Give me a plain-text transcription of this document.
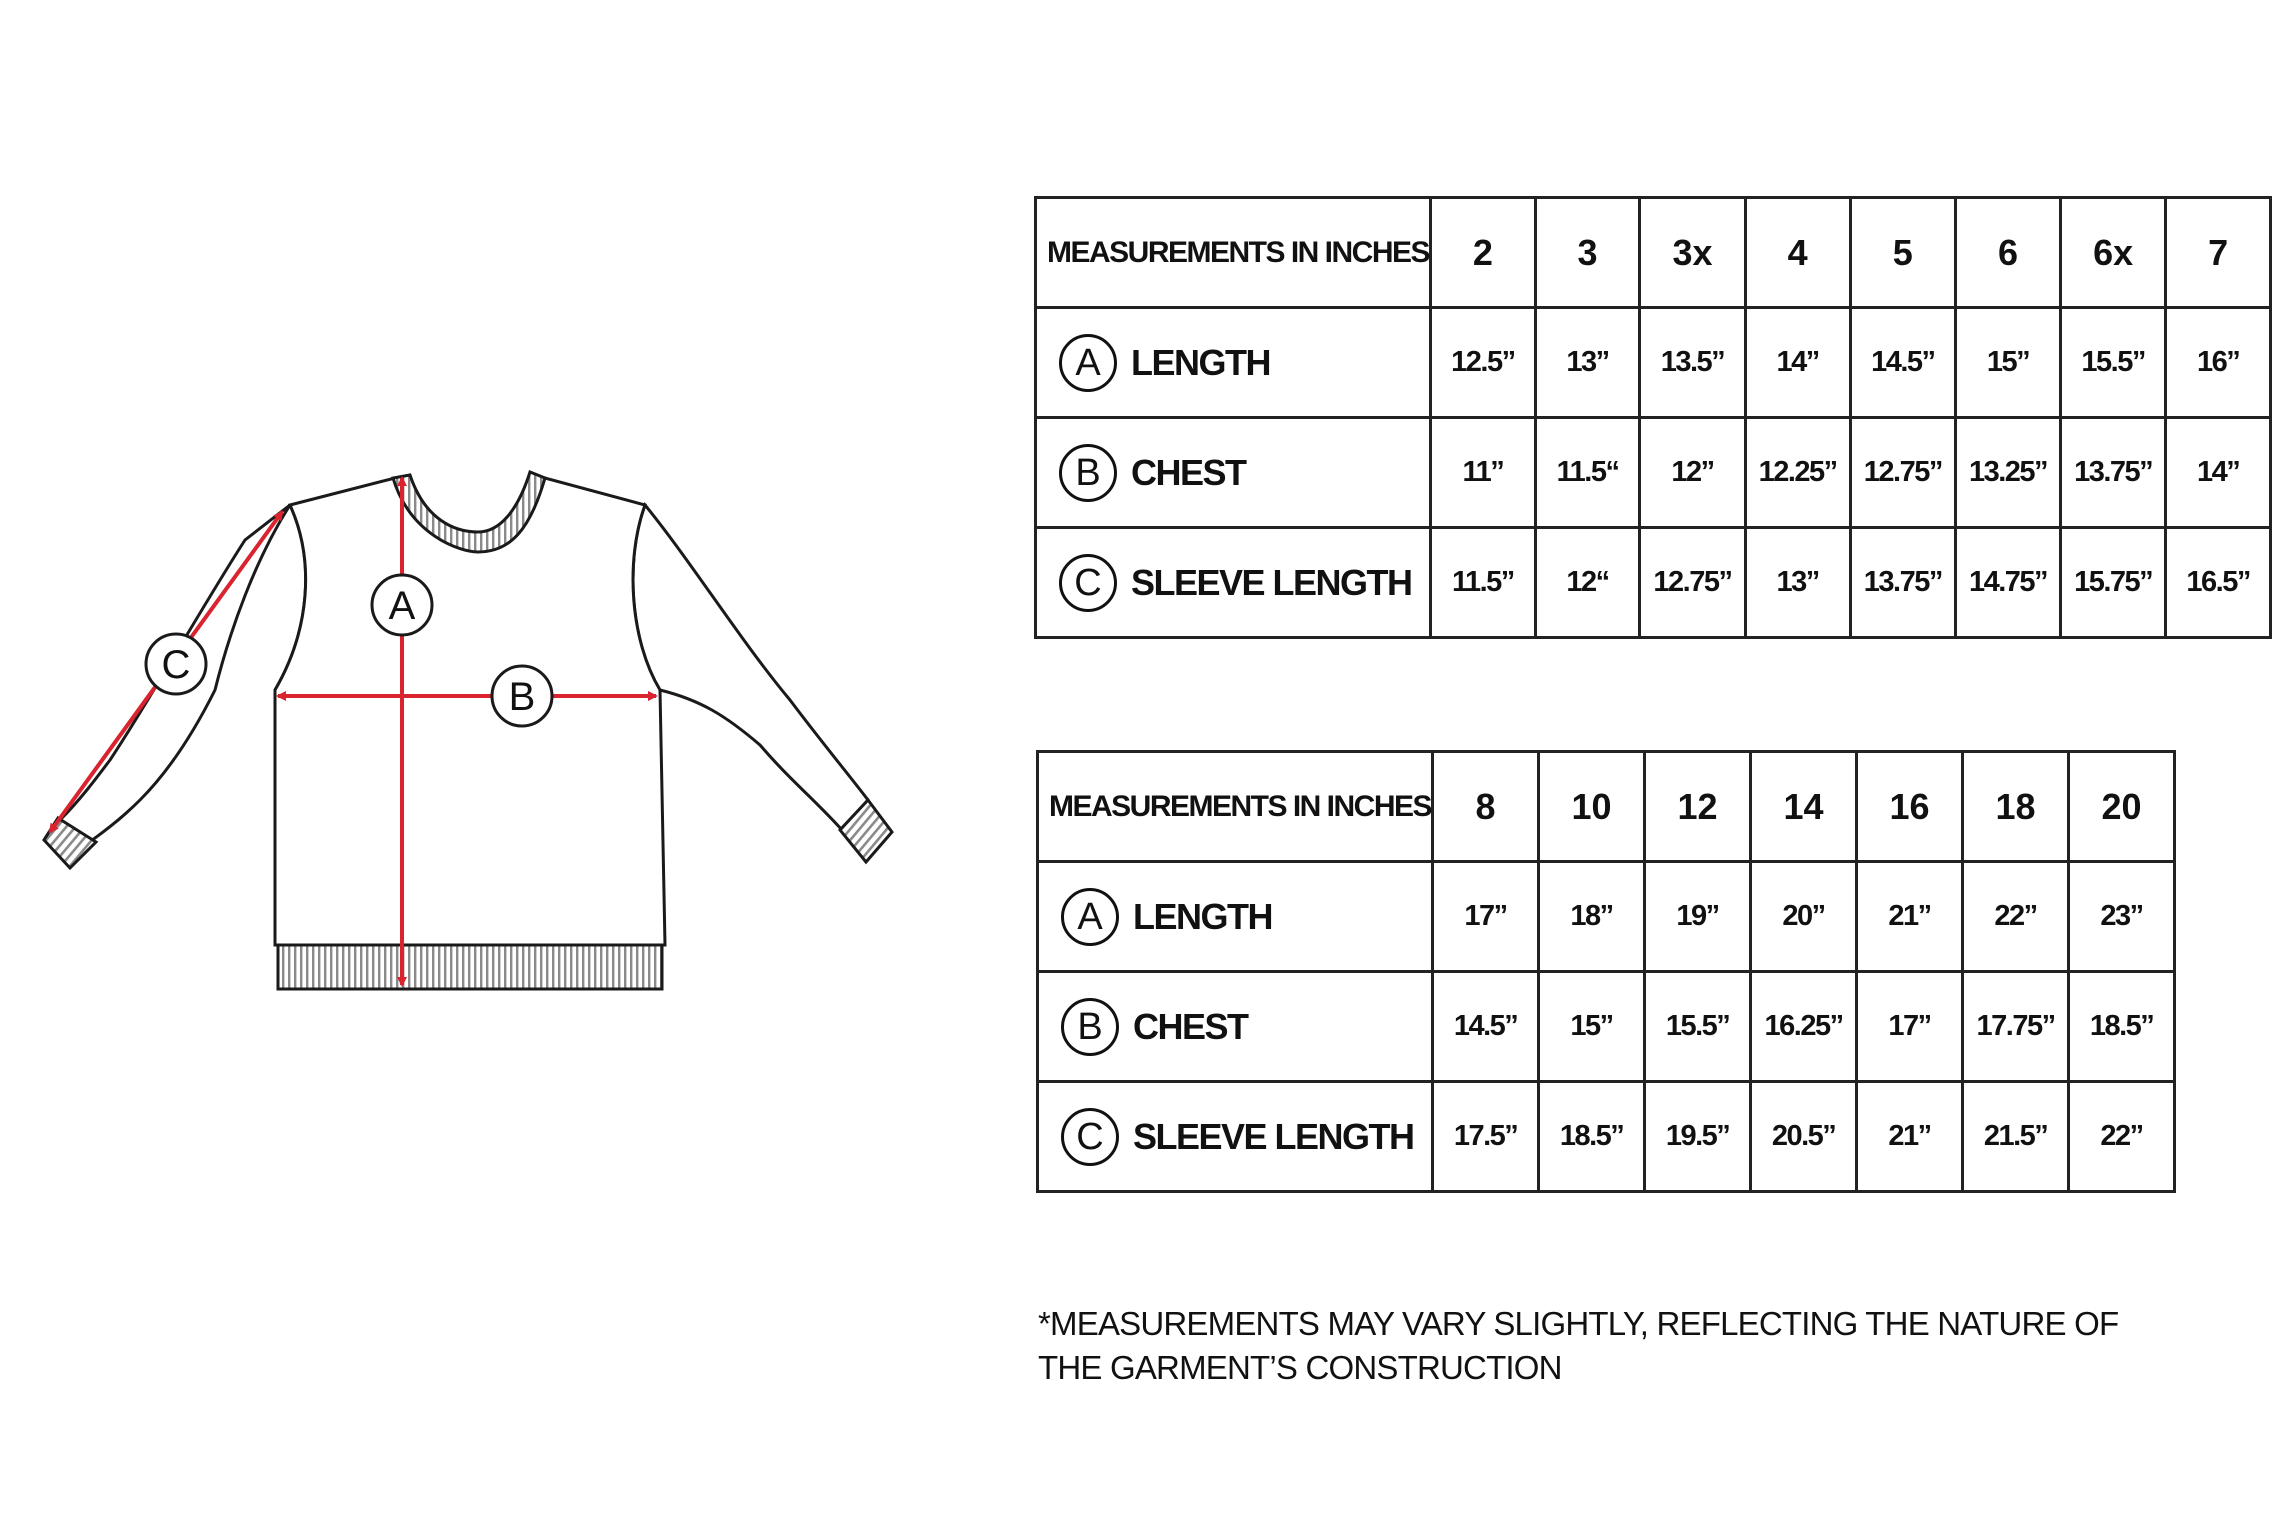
A
B
C
MEASUREMENTS IN INCHES	2	3	3x	4	5	6	6x	7
A LENGTH	12.5”	13”	13.5”	14”	14.5”	15”	15.5”	16”
B CHEST	11”	11.5“	12”	12.25”	12.75”	13.25”	13.75”	14”
C SLEEVE LENGTH	11.5”	12“	12.75”	13”	13.75”	14.75”	15.75”	16.5”
MEASUREMENTS IN INCHES	8	10	12	14	16	18	20
A LENGTH	17”	18”	19”	20”	21”	22”	23”
B CHEST	14.5”	15”	15.5”	16.25”	17”	17.75”	18.5”
C SLEEVE LENGTH	17.5”	18.5”	19.5”	20.5”	21”	21.5”	22”
*MEASUREMENTS MAY VARY SLIGHTLY, REFLECTING THE NATURE OF THE GARMENT’S CONSTRUCTION
